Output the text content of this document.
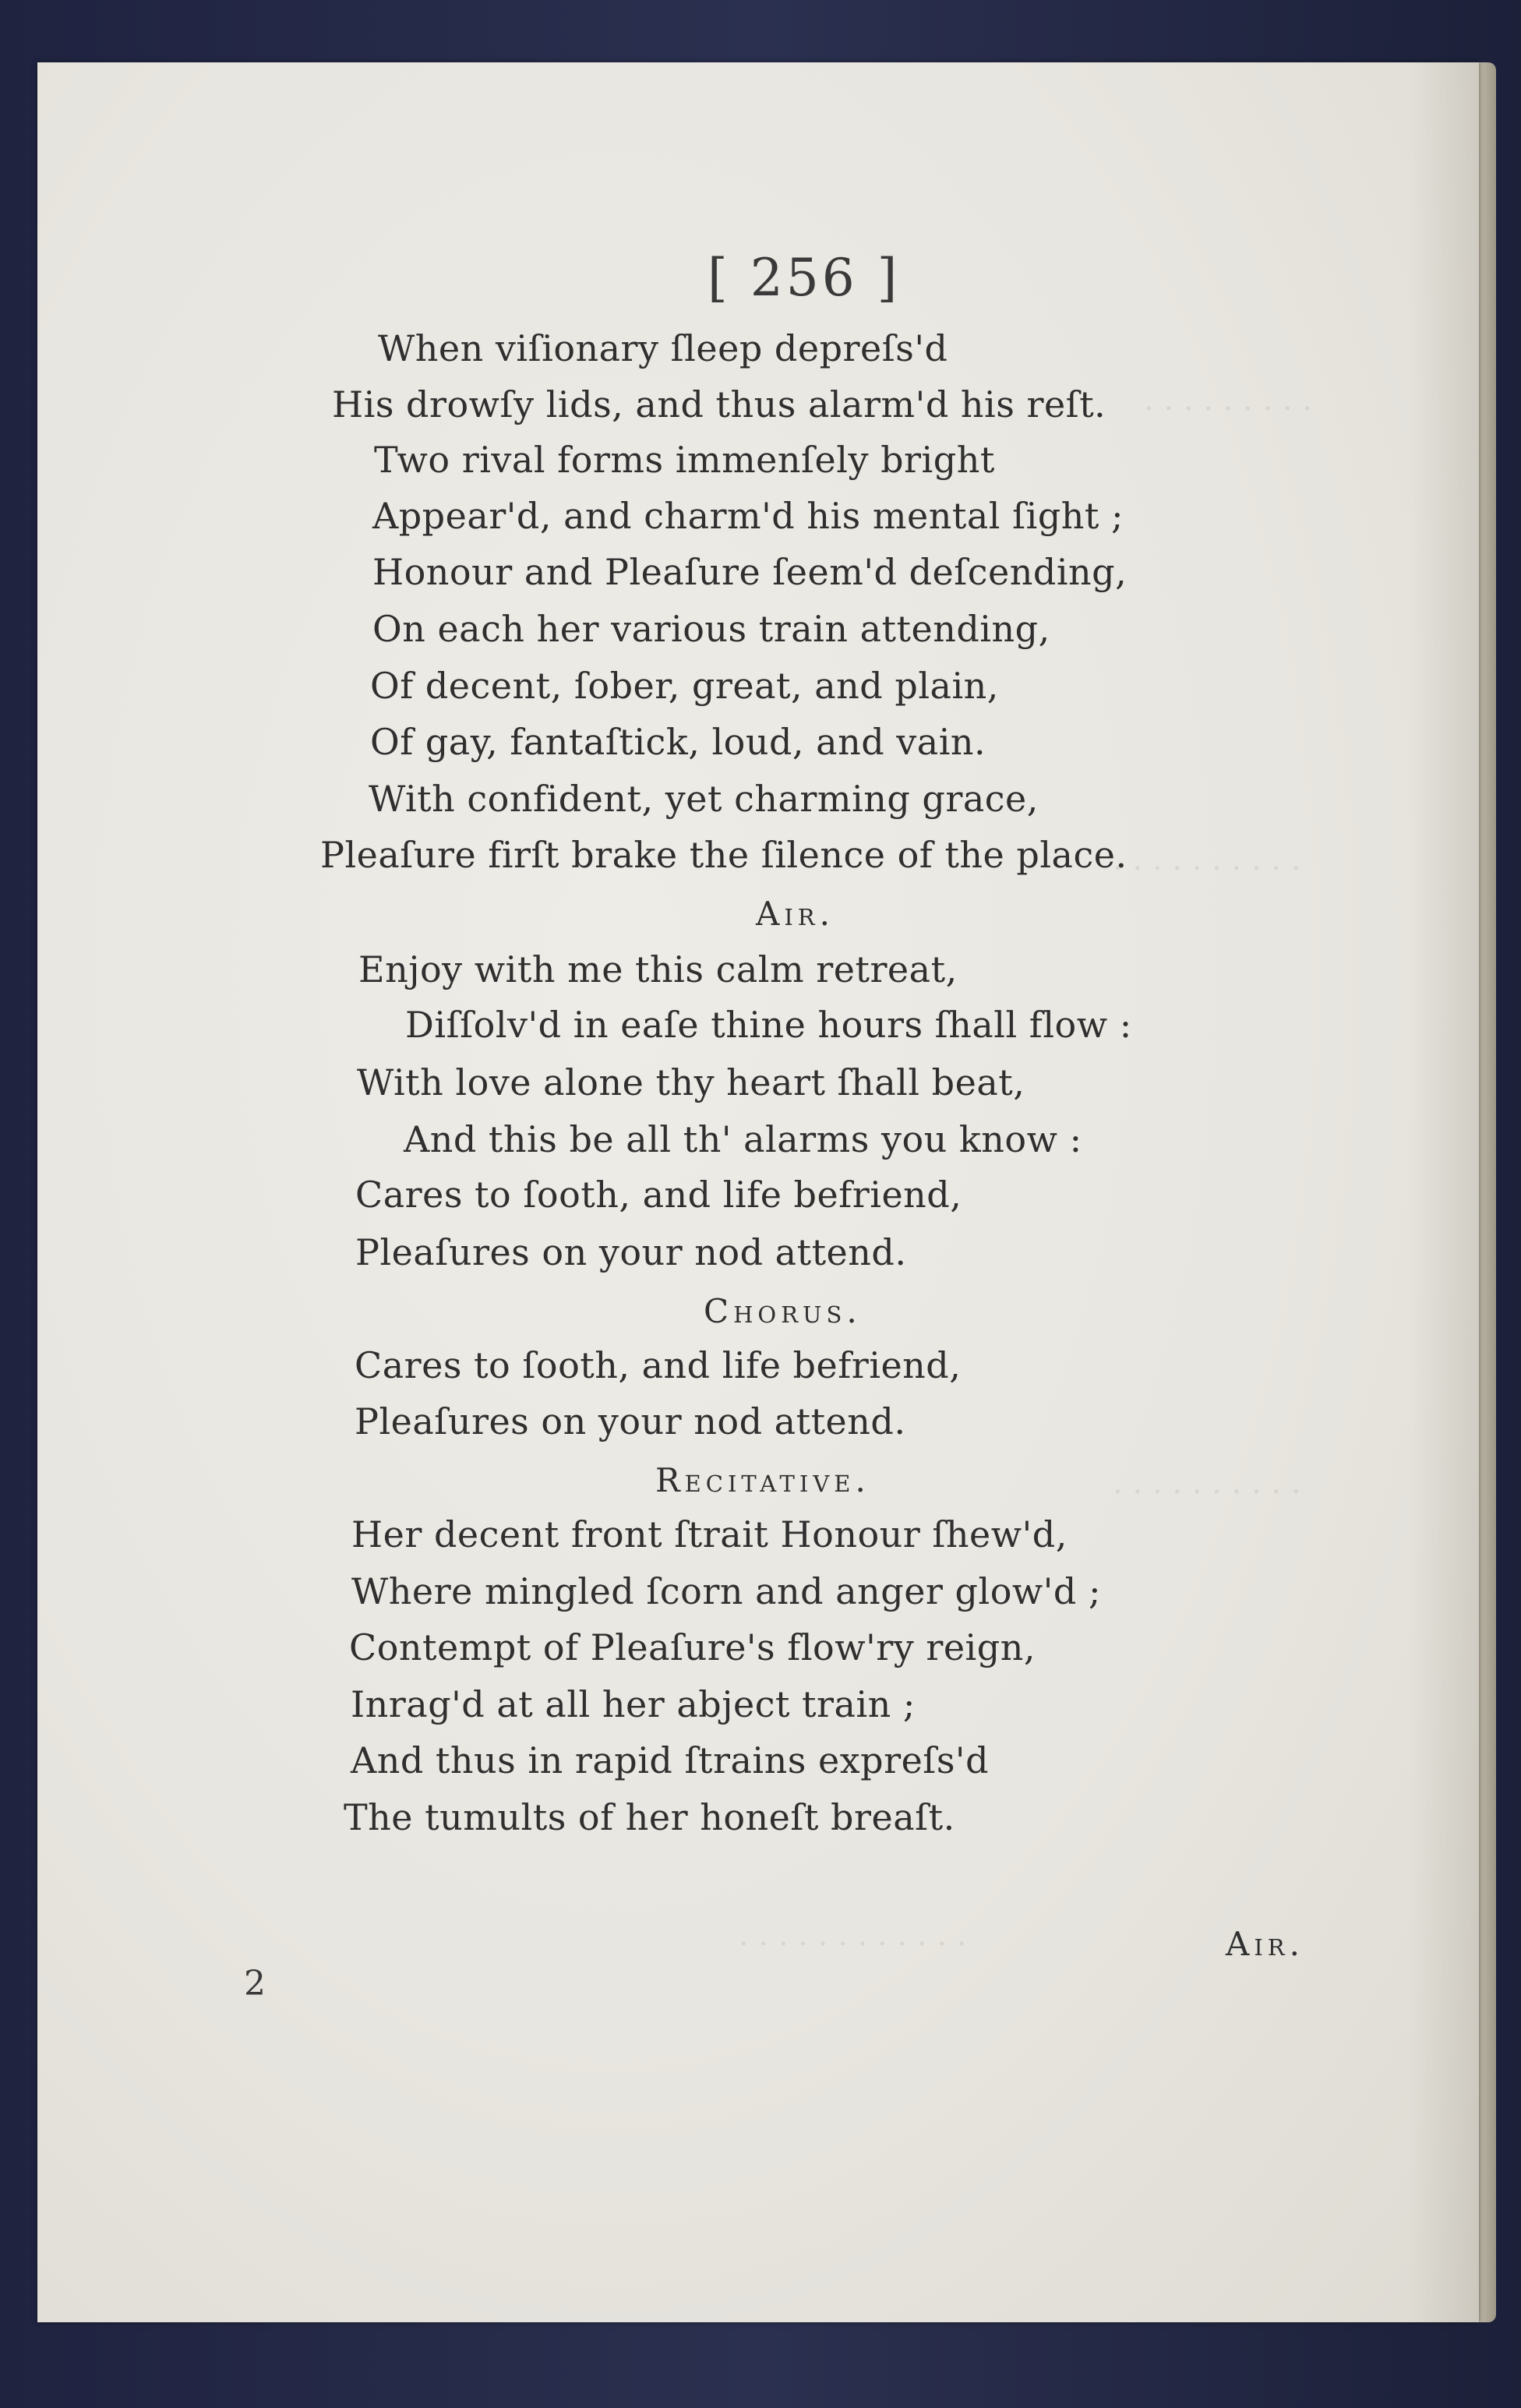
. . . . . . . . .
. . . . . . . . . .
. . . . . . . . . .
. . . . . . . . . . . .
[ 256 ]
When viſionary ſleep depreſs'd
His drowſy lids, and thus alarm'd his reſt.
Two rival forms immenſely bright
Appear'd, and charm'd his mental ſight ;
Honour and Pleaſure ſeem'd deſcending,
On each her various train attending,
Of decent, ſober, great, and plain,
Of gay, fantaſtick, loud, and vain.
With confident, yet charming grace,
Pleaſure firſt brake the ſilence of the place.
Air.
Enjoy with me this calm retreat,
Diſſolv'd in eaſe thine hours ſhall flow :
With love alone thy heart ſhall beat,
And this be all th' alarms you know :
Cares to ſooth, and life befriend,
Pleaſures on your nod attend.
Chorus.
Cares to ſooth, and life befriend,
Pleaſures on your nod attend.
Recitative.
Her decent front ſtrait Honour ſhew'd,
Where mingled ſcorn and anger glow'd ;
Contempt of Pleaſure's flow'ry reign,
Inrag'd at all her abject train ;
And thus in rapid ſtrains expreſs'd
The tumults of her honeſt breaſt.
Air.
2
